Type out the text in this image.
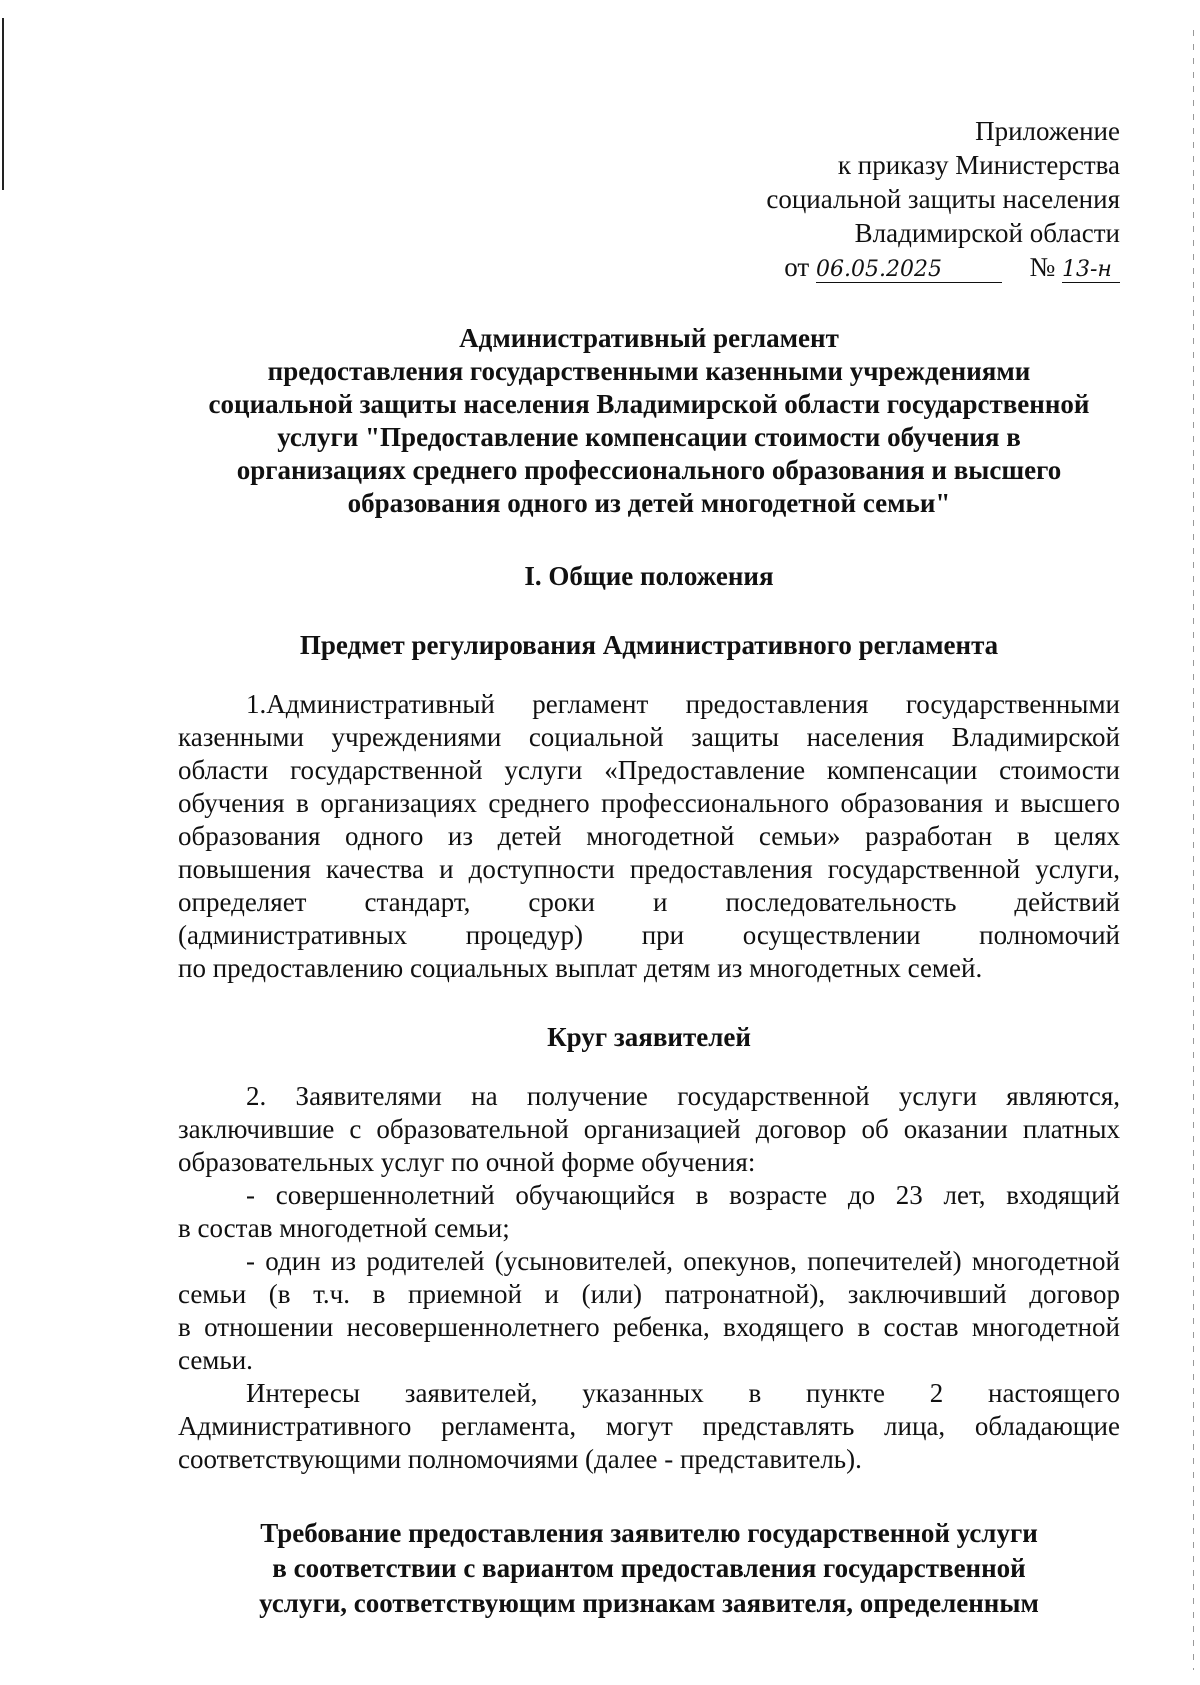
Приложение
к приказу Министерства
социальной защиты населения
Владимирской области
от 06.05.2025	№ 13-н
Административный регламент
предоставления государственными казенными учреждениями
социальной защиты населения Владимирской области государственной
услуги "Предоставление компенсации стоимости обучения в
организациях среднего профессионального образования и высшего
образования одного из детей многодетной семьи"
I. Общие положения
Предмет регулирования Административного регламента
1.Административный регламент предоставления государственными
казенными учреждениями социальной защиты населения Владимирской
области государственной услуги «Предоставление компенсации стоимости
обучения в организациях среднего профессионального образования и высшего
образования одного из детей многодетной семьи» разработан в целях
повышения качества и доступности предоставления государственной услуги,
определяет стандарт, сроки и последовательность действий
(административных процедур) при осуществлении полномочий
по предоставлению социальных выплат детям из многодетных семей.
Круг заявителей
2. Заявителями на получение государственной услуги являются,
заключившие с образовательной организацией договор об оказании платных
образовательных услуг по очной форме обучения:
- совершеннолетний обучающийся в возрасте до 23 лет, входящий
в состав многодетной семьи;
- один из родителей (усыновителей, опекунов, попечителей) многодетной
семьи (в т.ч. в приемной и (или) патронатной), заключивший договор
в отношении несовершеннолетнего ребенка, входящего в состав многодетной
семьи.
Интересы заявителей, указанных в пункте 2 настоящего
Административного регламента, могут представлять лица, обладающие
соответствующими полномочиями (далее - представитель).
Требование предоставления заявителю государственной услуги
в соответствии с вариантом предоставления государственной
услуги, соответствующим признакам заявителя, определенным
